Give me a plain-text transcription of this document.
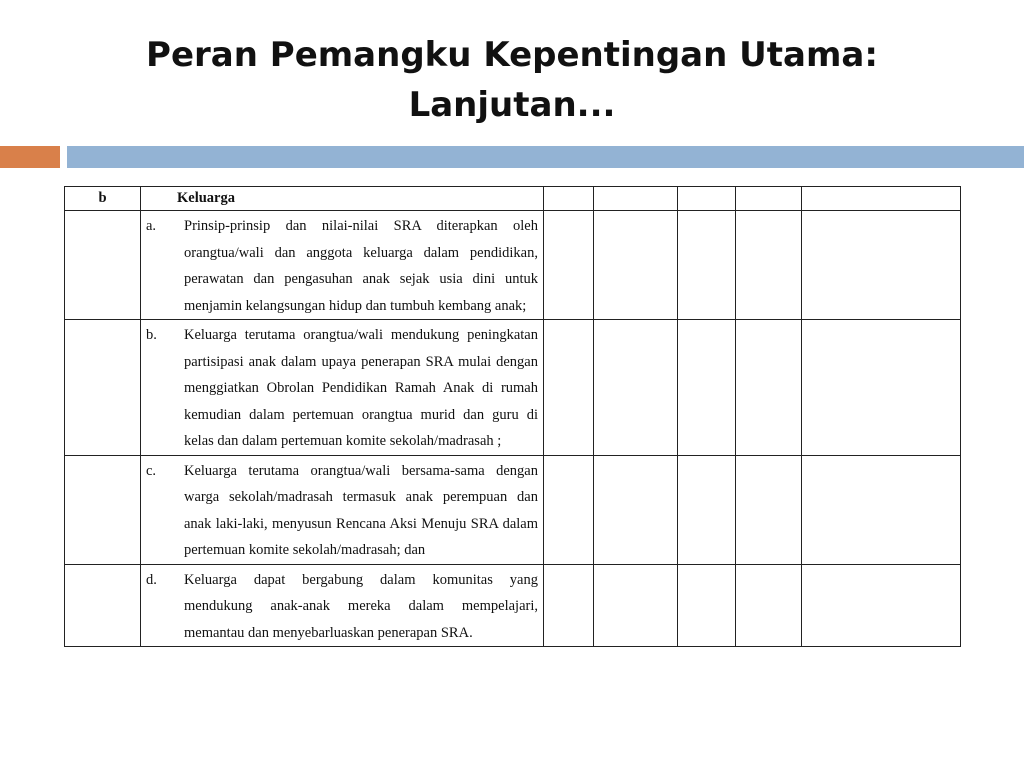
Peran Pemangku Kepentingan Utama:
Lanjutan...
b	Keluarga					

	a. Prinsip-prinsip dan nilai-nilai SRA diterapkan oleh orangtua/wali dan anggota keluarga dalam pendidikan, perawatan dan pengasuhan anak sejak usia dini untuk menjamin kelangsungan hidup dan tumbuh kembang anak;					

	b. Keluarga terutama orangtua/wali mendukung peningkatan partisipasi anak dalam upaya penerapan SRA mulai dengan menggiatkan Obrolan Pendidikan Ramah Anak di rumah kemudian dalam pertemuan orangtua murid dan guru di kelas dan dalam pertemuan komite sekolah/madrasah ;					

	c. Keluarga terutama orangtua/wali bersama-sama dengan warga sekolah/madrasah termasuk anak perempuan dan anak laki-laki, menyusun Rencana Aksi Menuju SRA dalam pertemuan komite sekolah/madrasah; dan					

	d. Keluarga dapat bergabung dalam komunitas yang mendukung anak-anak mereka dalam mempelajari, memantau dan menyebarluaskan penerapan SRA.					
